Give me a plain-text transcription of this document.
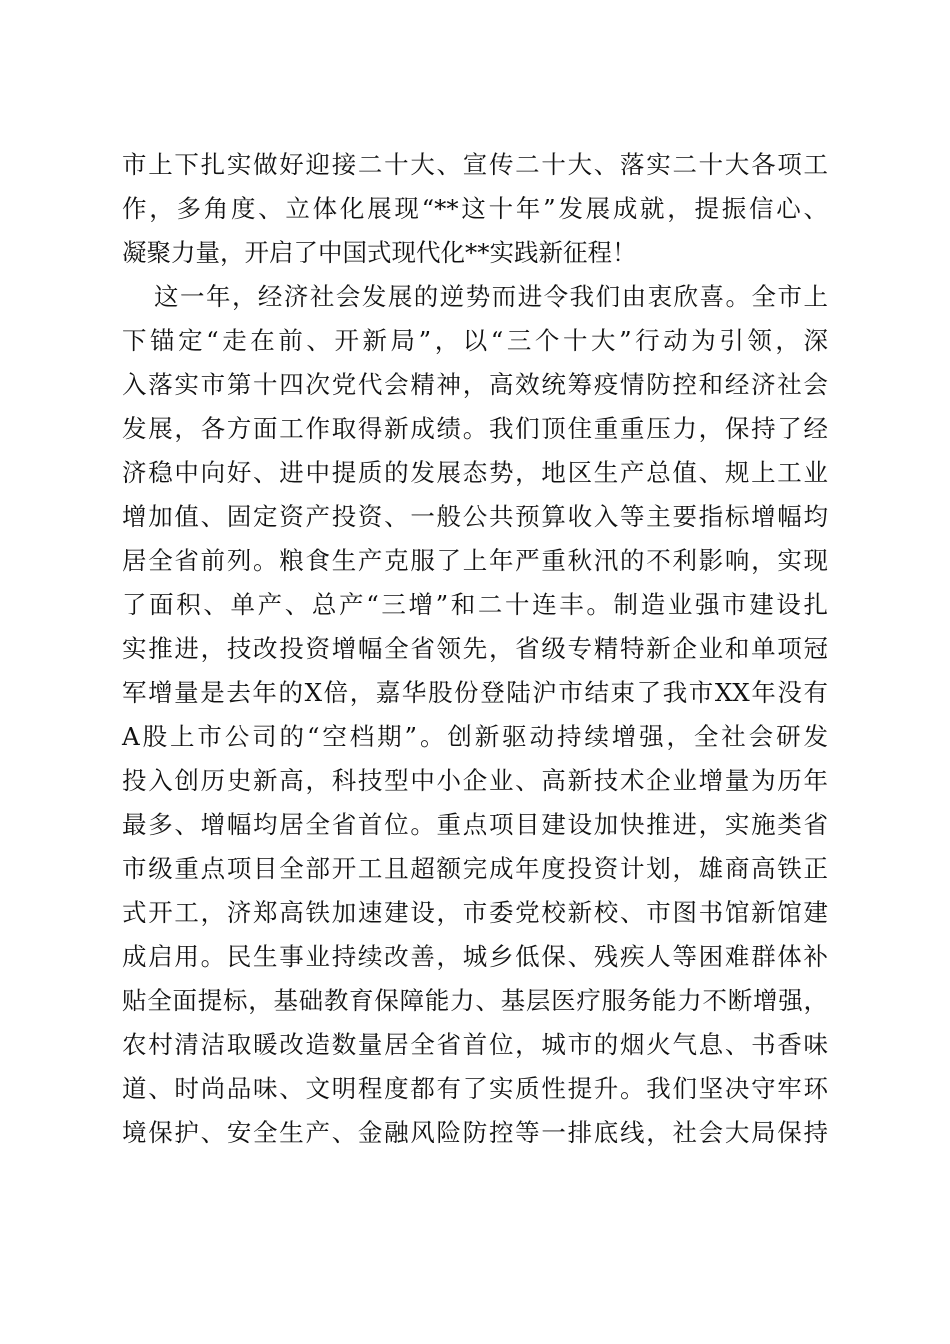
市上下扎实做好迎接二十大、宣传二十大、落实二十大各项工
作，多角度、立体化展现“**这十年”发展成就，提振信心、
凝聚力量，开启了中国式现代化**实践新征程！
这一年，经济社会发展的逆势而进令我们由衷欣喜。全市上
下锚定“走在前、开新局”，以“三个十大”行动为引领，深
入落实市第十四次党代会精神，高效统筹疫情防控和经济社会
发展，各方面工作取得新成绩。我们顶住重重压力，保持了经
济稳中向好、进中提质的发展态势，地区生产总值、规上工业
增加值、固定资产投资、一般公共预算收入等主要指标增幅均
居全省前列。粮食生产克服了上年严重秋汛的不利影响，实现
了面积、单产、总产“三增”和二十连丰。制造业强市建设扎
实推进，技改投资增幅全省领先，省级专精特新企业和单项冠
军增量是去年的X倍，嘉华股份登陆沪市结束了我市XX年没有
A股上市公司的“空档期”。创新驱动持续增强，全社会研发
投入创历史新高，科技型中小企业、高新技术企业增量为历年
最多、增幅均居全省首位。重点项目建设加快推进，实施类省
市级重点项目全部开工且超额完成年度投资计划，雄商高铁正
式开工，济郑高铁加速建设，市委党校新校、市图书馆新馆建
成启用。民生事业持续改善，城乡低保、残疾人等困难群体补
贴全面提标，基础教育保障能力、基层医疗服务能力不断增强，
农村清洁取暖改造数量居全省首位，城市的烟火气息、书香味
道、时尚品味、文明程度都有了实质性提升。我们坚决守牢环
境保护、安全生产、金融风险防控等一排底线，社会大局保持
